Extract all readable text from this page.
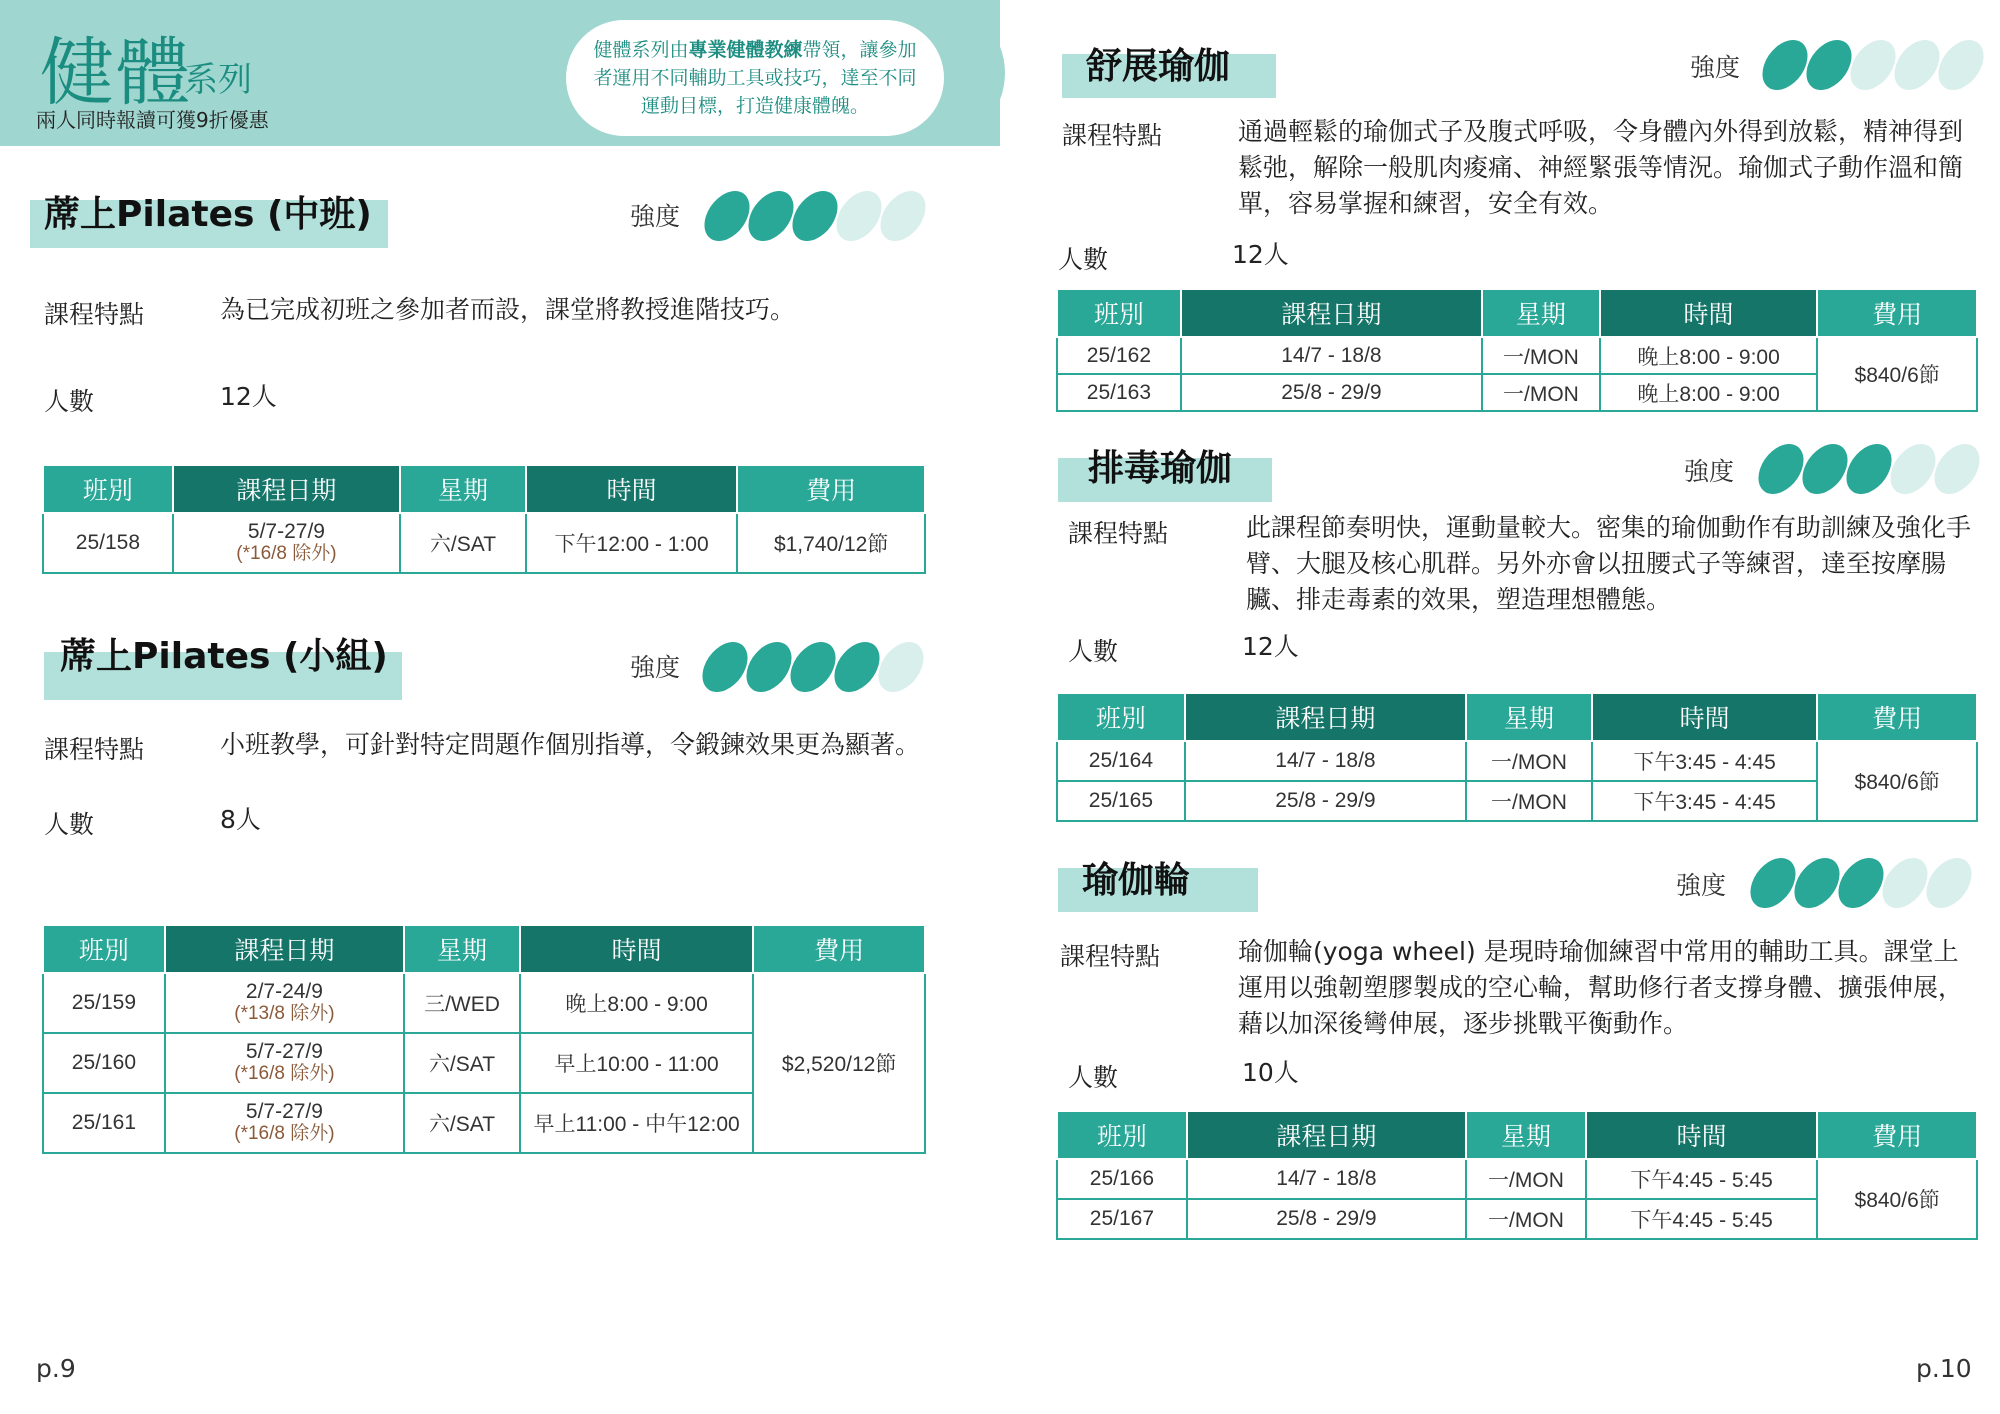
健體
系列
兩人同時報讀可獲9折優惠
健體系列由專業健體教練帶領，讓參加者運用不同輔助工具或技巧，達至不同運動目標，打造健康體魄。
蓆上Pilates (中班)	強度
課程特點	為已完成初班之參加者而設，課堂將教授進階技巧。
人數	12人
班別	課程日期	星期	時間	費用
25/158	5/7-27/9
(*16/8 除外)	六/SAT	下午12:00 - 1:00	$1,740/12節
蓆上Pilates (小組)	強度
課程特點	小班教學，可針對特定問題作個別指導，令鍛鍊效果更為顯著。
人數	8人
班別	課程日期	星期	時間	費用
25/159	2/7-24/9
(*13/8 除外)	三/WED	晚上8:00 - 9:00	$2,520/12節
25/160	5/7-27/9
(*16/8 除外)	六/SAT	早上10:00 - 11:00	
25/161	5/7-27/9
(*16/8 除外)	六/SAT	早上11:00 - 中午12:00	
p.9
舒展瑜伽	強度
課程特點	通過輕鬆的瑜伽式子及腹式呼吸，令身體內外得到放鬆，精神得到鬆弛，解除一般肌肉痠痛、神經緊張等情況。瑜伽式子動作溫和簡單，容易掌握和練習，安全有效。
人數	12人
班別	課程日期	星期	時間	費用
25/162	14/7 - 18/8	一/MON	晚上8:00 - 9:00	$840/6節
25/163	25/8 - 29/9	一/MON	晚上8:00 - 9:00	
排毒瑜伽	強度
課程特點	此課程節奏明快，運動量較大。密集的瑜伽動作有助訓練及強化手臂、大腿及核心肌群。另外亦會以扭腰式子等練習，達至按摩腸臟、排走毒素的效果，塑造理想體態。
人數	12人
班別	課程日期	星期	時間	費用
25/164	14/7 - 18/8	一/MON	下午3:45 - 4:45	$840/6節
25/165	25/8 - 29/9	一/MON	下午3:45 - 4:45	
瑜伽輪	強度
課程特點	瑜伽輪(yoga wheel) 是現時瑜伽練習中常用的輔助工具。課堂上運用以強韌塑膠製成的空心輪，幫助修行者支撐身體、擴張伸展，藉以加深後彎伸展，逐步挑戰平衡動作。
人數	10人
班別	課程日期	星期	時間	費用
25/166	14/7 - 18/8	一/MON	下午4:45 - 5:45	$840/6節
25/167	25/8 - 29/9	一/MON	下午4:45 - 5:45	
p.10
